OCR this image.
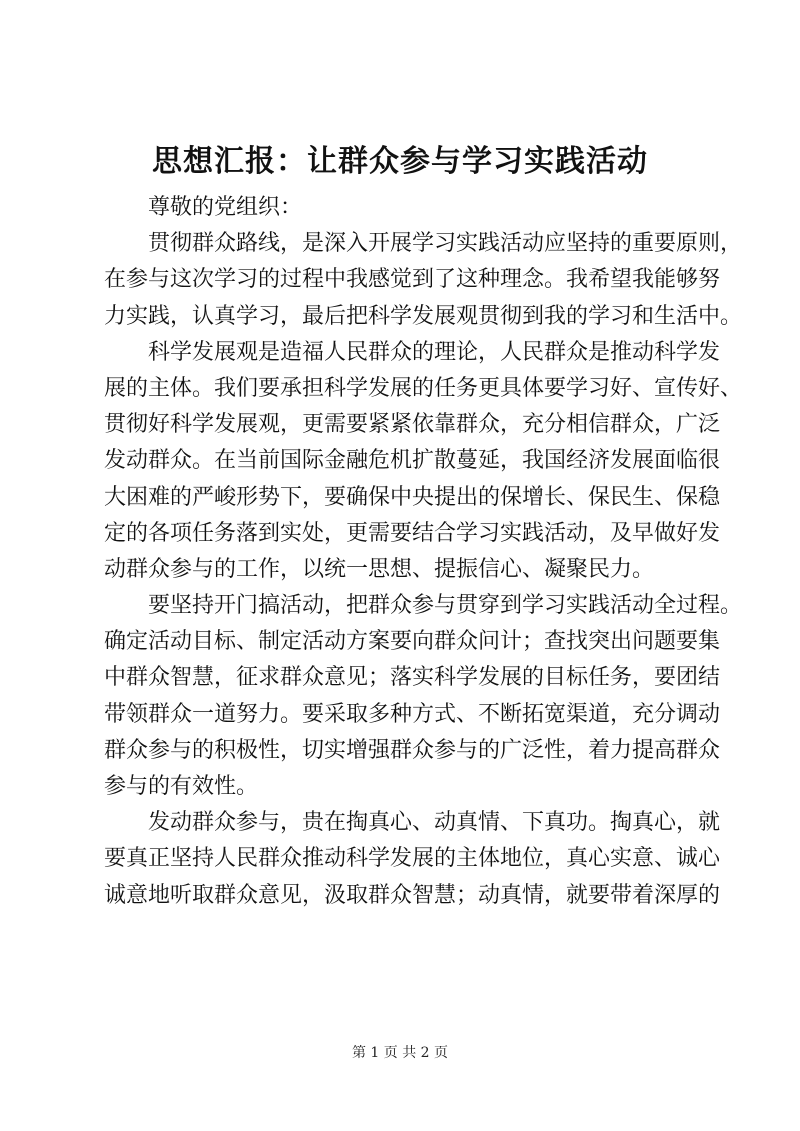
思想汇报：让群众参与学习实践活动
尊敬的党组织：
贯彻群众路线，是深入开展学习实践活动应坚持的重要原则，
在参与这次学习的过程中我感觉到了这种理念。我希望我能够努
力实践，认真学习，最后把科学发展观贯彻到我的学习和生活中。
科学发展观是造福人民群众的理论，人民群众是推动科学发
展的主体。我们要承担科学发展的任务更具体要学习好、宣传好、
贯彻好科学发展观，更需要紧紧依靠群众，充分相信群众，广泛
发动群众。在当前国际金融危机扩散蔓延，我国经济发展面临很
大困难的严峻形势下，要确保中央提出的保增长、保民生、保稳
定的各项任务落到实处，更需要结合学习实践活动，及早做好发
动群众参与的工作，以统一思想、提振信心、凝聚民力。
要坚持开门搞活动，把群众参与贯穿到学习实践活动全过程。
确定活动目标、制定活动方案要向群众问计；查找突出问题要集
中群众智慧，征求群众意见；落实科学发展的目标任务，要团结
带领群众一道努力。要采取多种方式、不断拓宽渠道，充分调动
群众参与的积极性，切实增强群众参与的广泛性，着力提高群众
参与的有效性。
发动群众参与，贵在掏真心、动真情、下真功。掏真心，就
要真正坚持人民群众推动科学发展的主体地位，真心实意、诚心
诚意地听取群众意见，汲取群众智慧；动真情，就要带着深厚的
第 1 页 共 2 页
